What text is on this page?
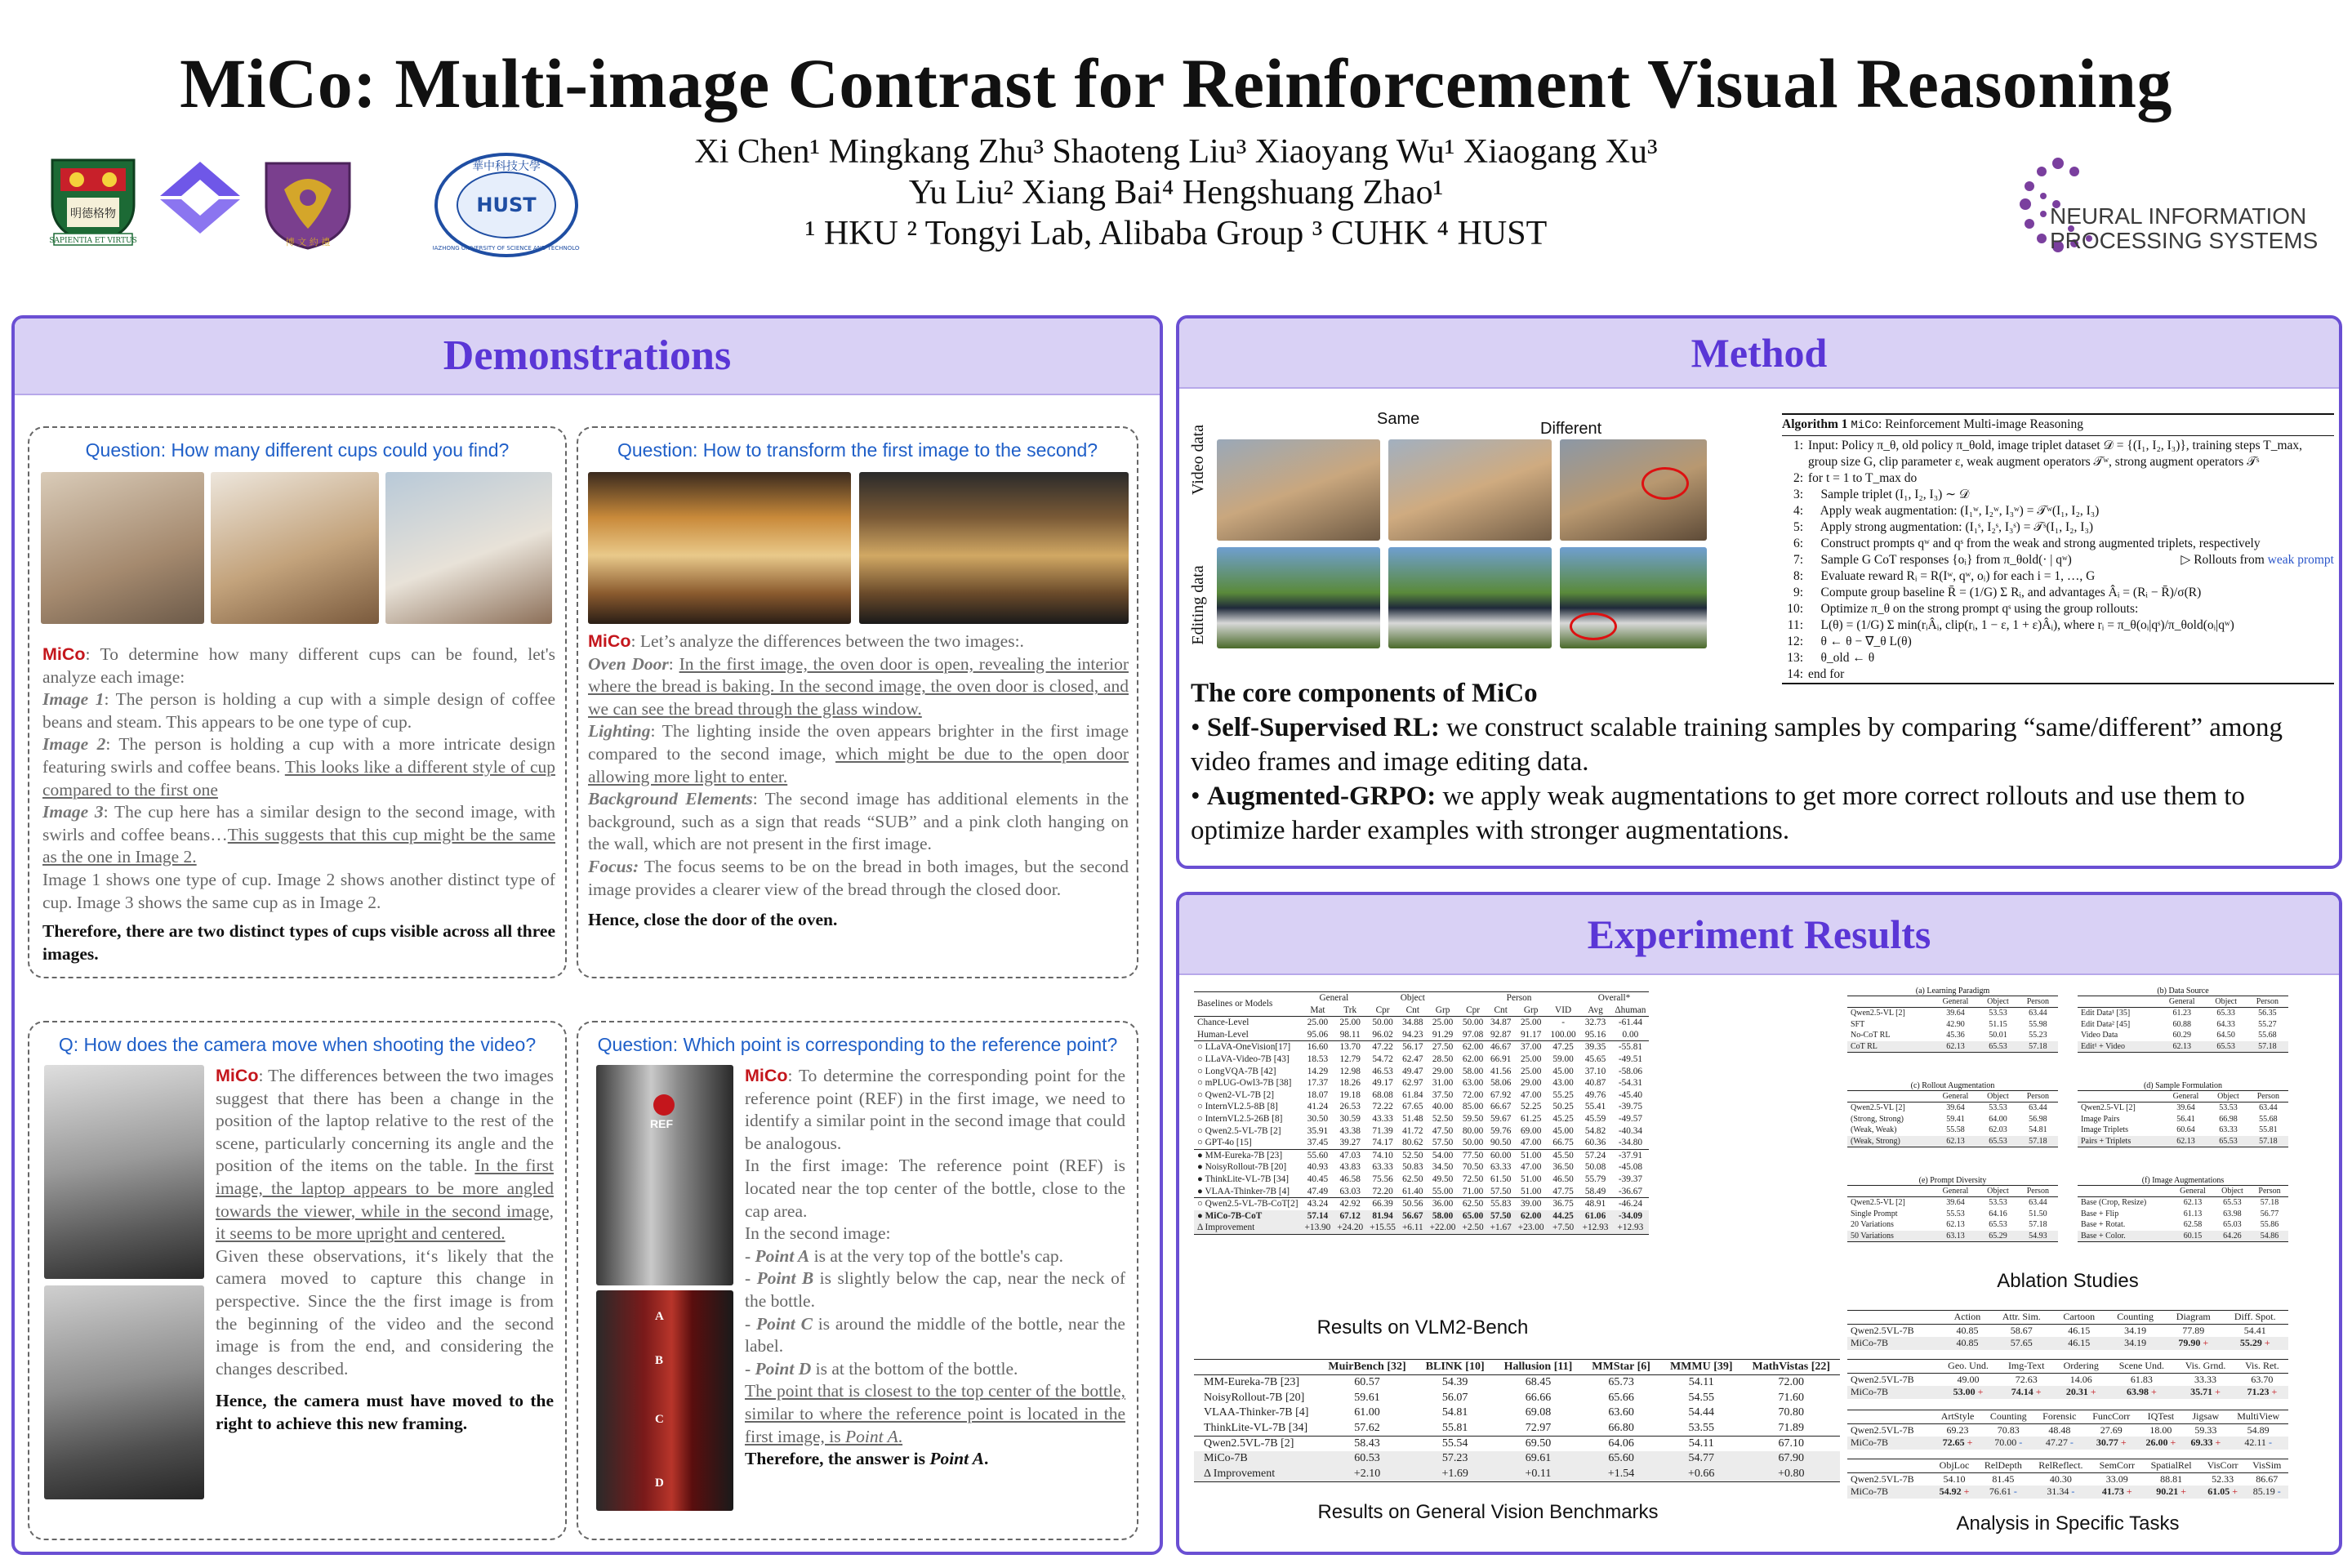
MiCo: Multi-image Contrast for Reinforcement Visual Reasoning
Xi Chen¹ Mingkang Zhu³ Shaoteng Liu³ Xiaoyang Wu¹ Xiaogang Xu³
Yu Liu² Xiang Bai⁴ Hengshuang Zhao¹
¹ HKU ² Tongyi Lab, Alibaba Group ³ CUHK ⁴ HUST
明德格物
SAPIENTIA ET VIRTUS	博 文 約 禮
華中科技大學
HUST
HUAZHONG UNIVERSITY OF SCIENCE AND TECHNOLOGY
NEURAL INFORMATION
PROCESSING SYSTEMS
Demonstrations
Question: How many different cups could you find?
MiCo: To determine how many different cups can be found, let's analyze each image:
Image 1: The person is holding a cup with a simple design of coffee beans and steam. This appears to be one type of cup.
Image 2: The person is holding a cup with a more intricate design featuring swirls and coffee beans. This looks like a different style of cup compared to the first one
Image 3: The cup here has a similar design to the second image, with swirls and coffee beans…This suggests that this cup might be the same as the one in Image 2.
Image 1 shows one type of cup. Image 2 shows another distinct type of cup. Image 3 shows the same cup as in Image 2.
Therefore, there are two distinct types of cups visible across all three images.
Question: How to transform the first image to the second?
MiCo: Let’s analyze the differences between the two images:.
Oven Door: In the first image, the oven door is open, revealing the interior where the bread is baking. In the second image, the oven door is closed, and we can see the bread through the glass window.
Lighting: The lighting inside the oven appears brighter in the first image compared to the second image, which might be due to the open door allowing more light to enter.
Background Elements: The second image has additional elements in the background, such as a sign that reads “SUB” and a pink cloth hanging on the wall, which are not present in the first image.
Focus: The focus seems to be on the bread in both images, but the second image provides a clearer view of the bread through the closed door.
Hence, close the door of the oven.
Q: How does the camera move when shooting the video?
MiCo: The differences between the two images suggest that there has been a change in the position of the laptop relative to the rest of the scene, particularly concerning its angle and the position of the items on the table. In the first image, the laptop appears to be more angled towards the viewer, while in the second image, it seems to be more upright and centered.
Given these observations, it‘s likely that the camera moved to capture this change in perspective. Since the the first image is from the beginning of the video and the second image is from the end, and considering the changes described.
Hence, the camera must have moved to the right to achieve this new framing.
Question: Which point is corresponding to the reference point?
REF
A
B
C
D
MiCo: To determine the corresponding point for the reference point (REF) in the first image, we need to identify a similar point in the second image that could be analogous.
In the first image: The reference point (REF) is located near the top center of the bottle, close to the cap area.
In the second image:
- Point A is at the very top of the bottle's cap.
- Point B is slightly below the cap, near the neck of the bottle.
- Point C is around the middle of the bottle, near the label.
- Point D is at the bottom of the bottle.
The point that is closest to the top center of the bottle, similar to where the reference point is located in the first image, is Point A.
Therefore, the answer is Point A.
Method
Same
Different
Video data
Editing data
Algorithm 1 MiCo: Reinforcement Multi-image Reasoning
1: Input: Policy π_θ, old policy π_θold, image triplet dataset 𝒟 = {(I₁, I₂, I₃)}, training steps T_max,
group size G, clip parameter ε, weak augment operators 𝒯ʷ, strong augment operators 𝒯ˢ
2: for t = 1 to T_max do
3:    Sample triplet (I₁, I₂, I₃) ∼ 𝒟
4:    Apply weak augmentation: (I₁ʷ, I₂ʷ, I₃ʷ) = 𝒯ʷ(I₁, I₂, I₃)
5:    Apply strong augmentation: (I₁ˢ, I₂ˢ, I₃ˢ) = 𝒯ˢ(I₁, I₂, I₃)
6:    Construct prompts qʷ and qˢ from the weak and strong augmented triplets, respectively
7:    Sample G CoT responses {oᵢ} from π_θold(· | qʷ)	▷ Rollouts from weak prompt
8:    Evaluate reward Rᵢ = R(Iʷ, qʷ, oᵢ) for each i = 1, …, G
9:    Compute group baseline R̄ = (1/G) Σ Rᵢ, and advantages Âᵢ = (Rᵢ − R̄)/σ(R)
10:    Optimize π_θ on the strong prompt qˢ using the group rollouts:
11:    L(θ) = (1/G) Σ min(rᵢÂᵢ, clip(rᵢ, 1 − ε, 1 + ε)Âᵢ), where rᵢ = π_θ(oᵢ|qˢ)/π_θold(oᵢ|qʷ)
12:    θ ← θ − ∇_θ L(θ)
13:    θ_old ← θ
14: end for
The core components of MiCo
• Self-Supervised RL: we construct scalable training samples by comparing “same/different” among video frames and image editing data.
• Augmented-GRPO: we apply weak augmentations to get more correct rollouts and use them to optimize harder examples with stronger augmentations.
Experiment Results
Baselines or Models	General		Object			Person				Overall*	
	Mat	Trk	Cpr	Cnt	Grp	Cpr	Cnt	Grp	VID	Avg	Δhuman
Chance-Level	25.00	25.00	50.00	34.88	25.00	50.00	34.87	25.00	-	32.73	-61.44
Human-Level	95.06	98.11	96.02	94.23	91.29	97.08	92.87	91.17	100.00	95.16	0.00
○ LLaVA-OneVision[17]	16.60	13.70	47.22	56.17	27.50	62.00	46.67	37.00	47.25	39.35	-55.81
○ LLaVA-Video-7B [43]	18.53	12.79	54.72	62.47	28.50	62.00	66.91	25.00	59.00	45.65	-49.51
○ LongVQA-7B [42]	14.29	12.98	46.53	49.47	29.00	58.00	41.56	25.00	45.00	37.10	-58.06
○ mPLUG-Owl3-7B [38]	17.37	18.26	49.17	62.97	31.00	63.00	58.06	29.00	43.00	40.87	-54.31
○ Qwen2-VL-7B [2]	18.07	19.18	68.08	61.84	37.50	72.00	67.92	47.00	55.25	49.76	-45.40
○ InternVL2.5-8B [8]	41.24	26.53	72.22	67.65	40.00	85.00	66.67	52.25	50.25	55.41	-39.75
○ InternVL2.5-26B [8]	30.50	30.59	43.33	51.48	52.50	59.50	59.67	61.25	45.25	45.59	-49.57
○ Qwen2.5-VL-7B [2]	35.91	43.38	71.39	41.72	47.50	80.00	59.76	69.00	45.00	54.82	-40.34
○ GPT-4o [15]	37.45	39.27	74.17	80.62	57.50	50.00	90.50	47.00	66.75	60.36	-34.80
● MM-Eureka-7B [23]	55.60	47.03	74.10	52.50	54.00	77.50	60.00	51.00	45.50	57.24	-37.91
● NoisyRollout-7B [20]	40.93	43.83	63.33	50.83	34.50	70.50	63.33	47.00	36.50	50.08	-45.08
● ThinkLite-VL-7B [34]	40.45	46.58	75.56	62.50	49.50	72.50	61.50	51.00	46.50	55.79	-39.37
● VLAA-Thinker-7B [4]	47.49	63.03	72.20	61.40	55.00	71.00	57.50	51.00	47.75	58.49	-36.67
○ Qwen2.5-VL-7B-CoT[2]	43.24	42.92	66.39	50.56	36.00	62.50	55.83	39.00	36.75	48.91	-46.24
● MiCo-7B-CoT	57.14	67.12	81.94	56.67	58.00	65.00	57.50	62.00	44.25	61.06	-34.09
Δ Improvement	+13.90	+24.20	+15.55	+6.11	+22.00	+2.50	+1.67	+23.00	+7.50	+12.93	+12.93
Results on VLM2-Bench
	MuirBench [32]	BLINK [10]	Hallusion [11]	MMStar [6]	MMMU [39]	MathVistas [22]
MM-Eureka-7B [23]	60.57	54.39	68.45	65.73	54.11	72.00
NoisyRollout-7B [20]	59.61	56.07	66.66	65.66	54.55	71.60
VLAA-Thinker-7B [4]	61.00	54.81	69.08	63.60	54.44	70.80
ThinkLite-VL-7B [34]	57.62	55.81	72.97	66.80	53.55	71.89
Qwen2.5VL-7B [2]	58.43	55.54	69.50	64.06	54.11	67.10
MiCo-7B	60.53	57.23	69.61	65.60	54.77	67.90
Δ Improvement	+2.10	+1.69	+0.11	+1.54	+0.66	+0.80
Results on General Vision Benchmarks
(a) Learning Paradigm
	General	Object	Person
Qwen2.5-VL [2]	39.64	53.53	63.44
SFT	42.90	51.15	55.98
No-CoT RL	45.36	50.01	55.23
CoT RL	62.13	65.53	57.18
(b) Data Source
	General	Object	Person
Edit Data¹ [35]	61.23	65.33	56.35
Edit Data² [45]	60.88	64.33	55.27
Video Data	60.29	64.50	55.68
Edit¹ + Video	62.13	65.53	57.18
(c) Rollout Augmentation
	General	Object	Person
Qwen2.5-VL [2]	39.64	53.53	63.44
(Strong, Strong)	59.41	64.00	56.98
(Weak, Weak)	55.58	62.03	54.81
(Weak, Strong)	62.13	65.53	57.18
(d) Sample Formulation
	General	Object	Person
Qwen2.5-VL [2]	39.64	53.53	63.44
Image Pairs	56.41	66.98	55.68
Image Triplets	60.64	63.33	55.81
Pairs + Triplets	62.13	65.53	57.18
(e) Prompt Diversity
	General	Object	Person
Qwen2.5-VL [2]	39.64	53.53	63.44
Single Prompt	55.53	64.16	51.50
20 Variations	62.13	65.53	57.18
50 Variations	63.13	65.29	54.93
(f) Image Augmentations
	General	Object	Person
Base (Crop, Resize)	62.13	65.53	57.18
Base + Flip	61.13	63.98	56.77
Base + Rotat.	62.58	65.03	55.86
Base + Color.	60.15	64.26	54.86
Ablation Studies
	Action	Attr. Sim.	Cartoon	Counting	Diagram	Diff. Spot.
Qwen2.5VL-7B	40.85	58.67	46.15	34.19	77.89	54.41
MiCo-7B	40.85	57.65	46.15	34.19	79.90 +	55.29 +
	Geo. Und.	Img-Text	Ordering	Scene Und.	Vis. Grnd.	Vis. Ret.
Qwen2.5VL-7B	49.00	72.63	14.06	61.83	33.33	63.70
MiCo-7B	53.00 +	74.14 +	20.31 +	63.98 +	35.71 +	71.23 +
	ArtStyle	Counting	Forensic	FuncCorr	IQTest	Jigsaw	MultiView
Qwen2.5VL-7B	69.23	70.83	48.48	27.69	18.00	59.33	54.89
MiCo-7B	72.65 +	70.00 -	47.27 -	30.77 +	26.00 +	69.33 +	42.11 -
	ObjLoc	RelDepth	RelReflect.	SemCorr	SpatialRel	VisCorr	VisSim
Qwen2.5VL-7B	54.10	81.45	40.30	33.09	88.81	52.33	86.67
MiCo-7B	54.92 +	76.61 -	31.34 -	41.73 +	90.21 +	61.05 +	85.19 -
Analysis in Specific Tasks
